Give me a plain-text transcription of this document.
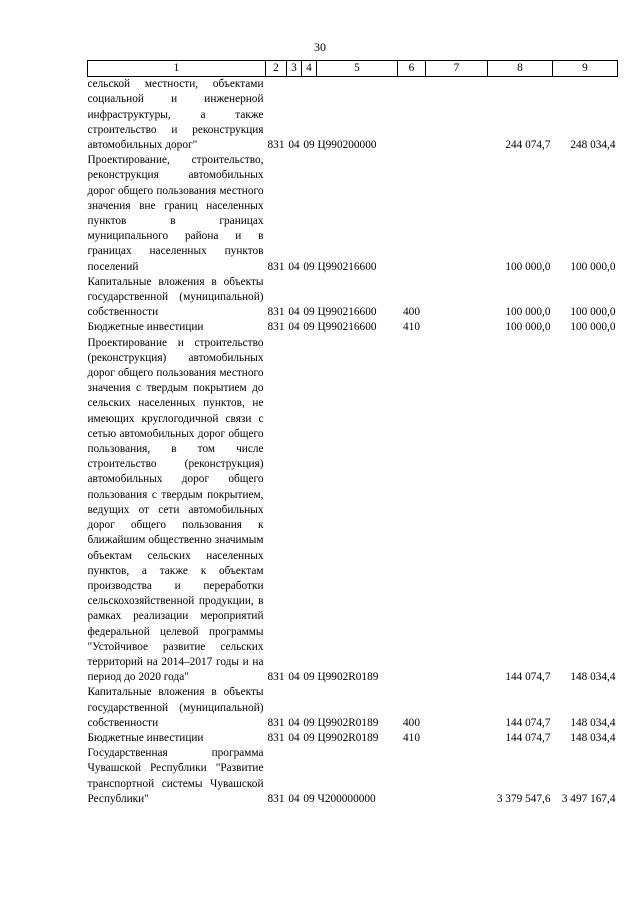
30
1	2	3	4	5	6	7	8	9
сельской местности, объектами социальной и инженерной инфраструктуры, а также строительство и реконструкция автомобильных дорог"	831	04	09	Ц990200000			244 074,7	248 034,4
Проектирование, строительство, реконструкция автомобильных дорог общего пользования местного значения вне границ населенных пунктов в границах муниципального района и в границах населенных пунктов поселений	831	04	09	Ц990216600			100 000,0	100 000,0
Капитальные вложения в объекты государственной (муниципальной) собственности	831	04	09	Ц990216600	400		100 000,0	100 000,0
Бюджетные инвестиции	831	04	09	Ц990216600	410		100 000,0	100 000,0
Проектирование и строительство (реконструкция) автомобильных дорог общего пользования местного значения с твердым покрытием до сельских населенных пунктов, не имеющих круглогодичной связи с сетью автомобильных дорог общего пользования, в том числе строительство (реконструкция) автомобильных дорог общего пользования с твердым покрытием, ведущих от сети автомобильных дорог общего пользования к ближайшим общественно значимым объектам сельских населенных пунктов, а также к объектам производства и переработки сельскохозяйственной продукции, в рамках реализации мероприятий федеральной целевой программы "Устойчивое развитие сельских территорий на 2014–2017 годы и на период до 2020 года"	831	04	09	Ц9902R0189			144 074,7	148 034,4
Капитальные вложения в объекты государственной (муниципальной) собственности	831	04	09	Ц9902R0189	400		144 074,7	148 034,4
Бюджетные инвестиции	831	04	09	Ц9902R0189	410		144 074,7	148 034,4
Государственная программа Чувашской Республики "Развитие транспортной системы Чувашской Республики"	831	04	09	Ч200000000			3 379 547,6	3 497 167,4
